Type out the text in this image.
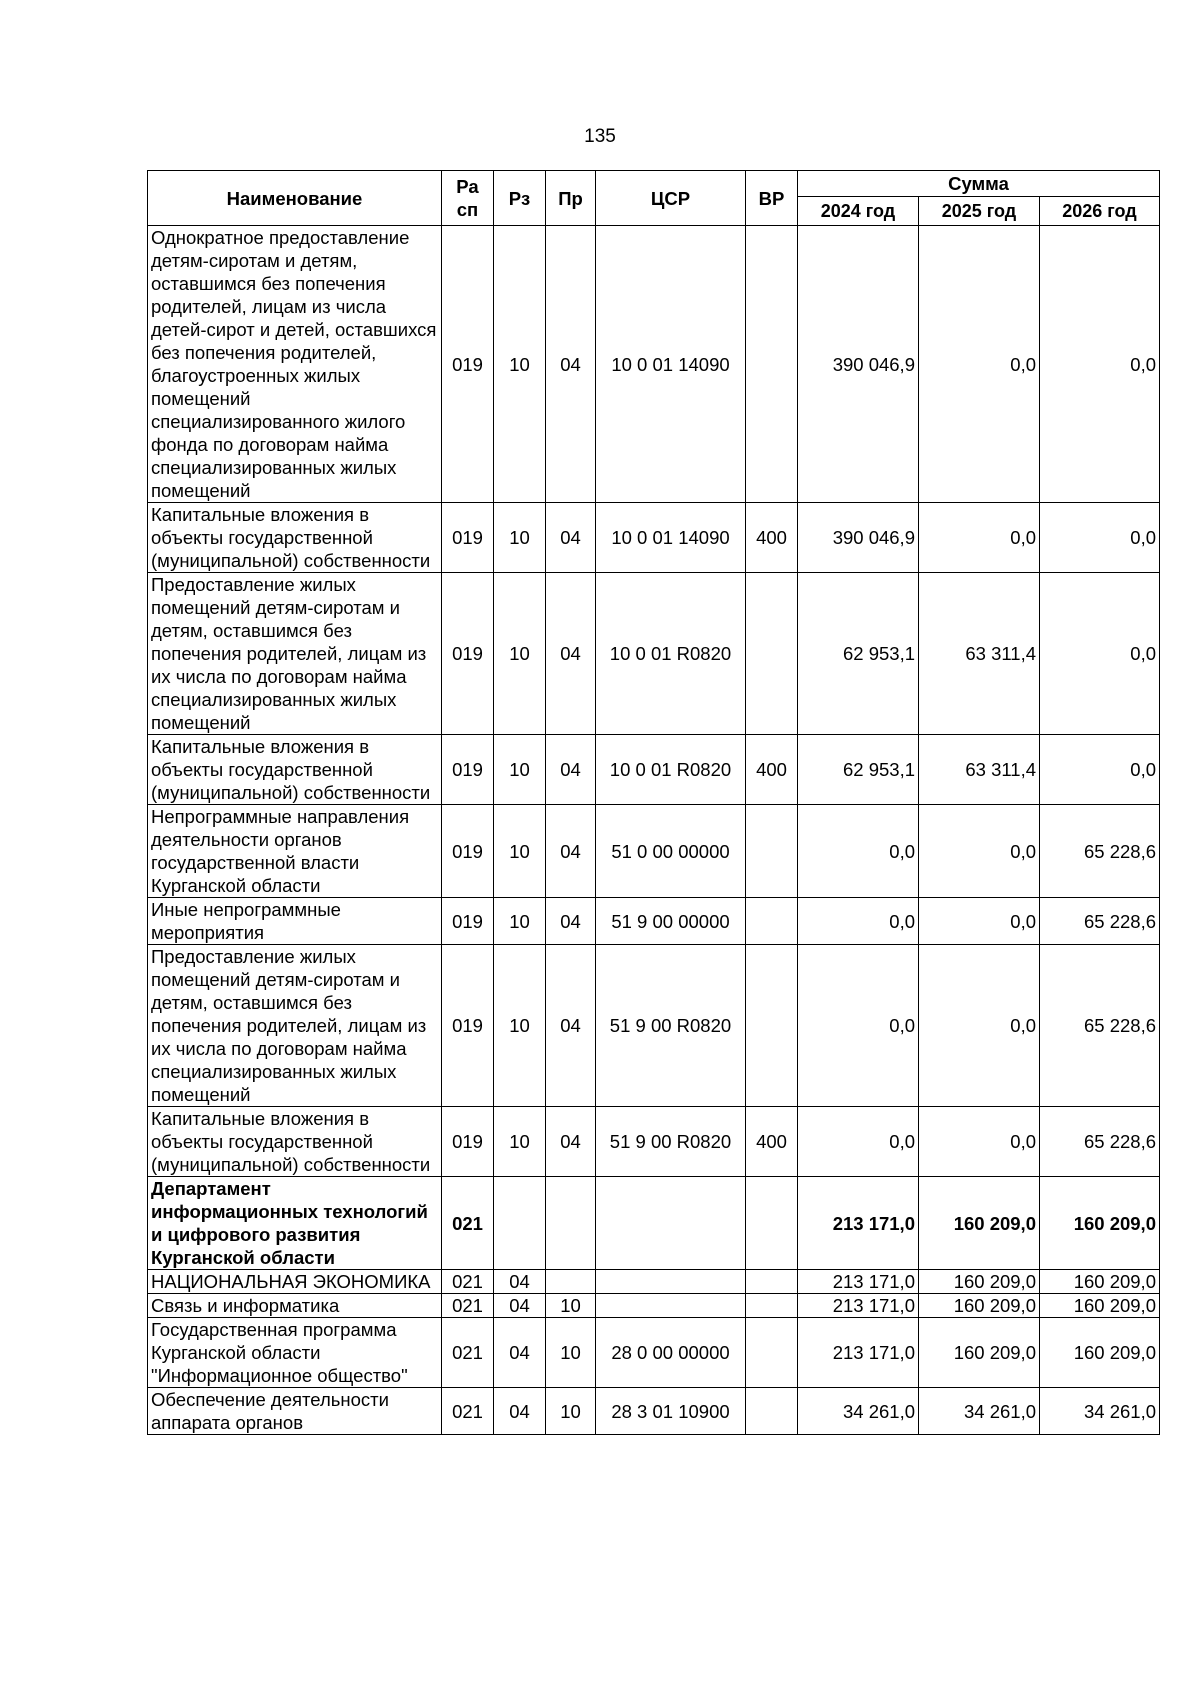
135
Наименование	Ра сп	Рз	Пр	ЦСР	ВР	Сумма		
						2024 год	2025 год	2026 год
Однократное предоставление детям-сиротам и детям, оставшимся без попечения родителей, лицам из числа детей-сирот и детей, оставшихся без попечения родителей, благоустроенных жилых помещений специализированного жилого фонда по договорам найма специализированных жилых помещений	019	10	04	10 0 01 14090		390 046,9	0,0	0,0
Капитальные вложения в объекты государственной (муниципальной) собственности	019	10	04	10 0 01 14090	400	390 046,9	0,0	0,0
Предоставление жилых помещений детям-сиротам и детям, оставшимся без попечения родителей, лицам из их числа по договорам найма специализированных жилых помещений	019	10	04	10 0 01 R0820		62 953,1	63 311,4	0,0
Капитальные вложения в объекты государственной (муниципальной) собственности	019	10	04	10 0 01 R0820	400	62 953,1	63 311,4	0,0
Непрограммные направления деятельности органов государственной власти Курганской области	019	10	04	51 0 00 00000		0,0	0,0	65 228,6
Иные непрограммные мероприятия	019	10	04	51 9 00 00000		0,0	0,0	65 228,6
Предоставление жилых помещений детям-сиротам и детям, оставшимся без попечения родителей, лицам из их числа по договорам найма специализированных жилых помещений	019	10	04	51 9 00 R0820		0,0	0,0	65 228,6
Капитальные вложения в объекты государственной (муниципальной) собственности	019	10	04	51 9 00 R0820	400	0,0	0,0	65 228,6
Департамент информационных технологий и цифрового развития Курганской области	021					213 171,0	160 209,0	160 209,0
НАЦИОНАЛЬНАЯ ЭКОНОМИКА	021	04				213 171,0	160 209,0	160 209,0
Связь и информатика	021	04	10			213 171,0	160 209,0	160 209,0
Государственная программа Курганской области "Информационное общество"	021	04	10	28 0 00 00000		213 171,0	160 209,0	160 209,0
Обеспечение деятельности аппарата органов	021	04	10	28 3 01 10900		34 261,0	34 261,0	34 261,0
